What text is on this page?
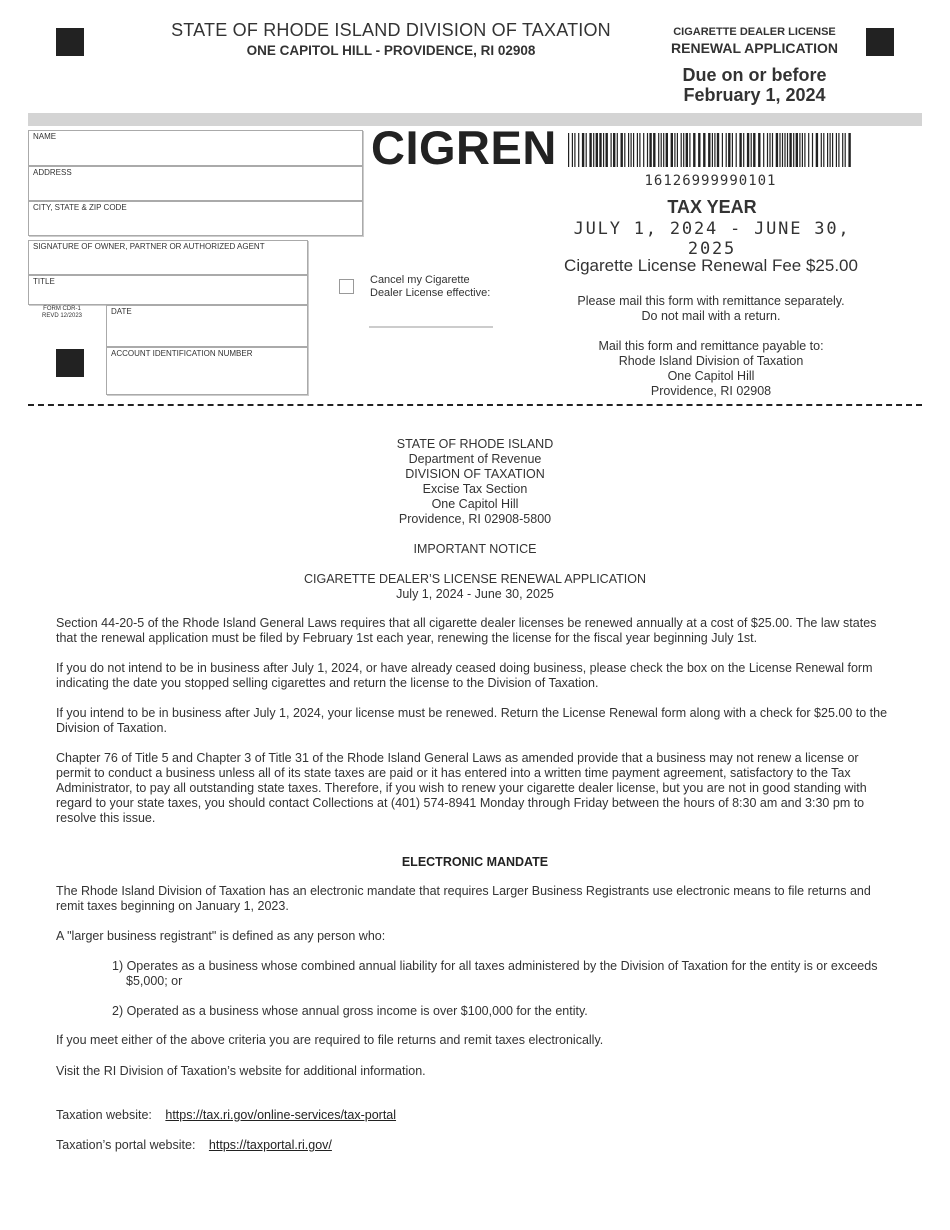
STATE OF RHODE ISLAND DIVISION OF TAXATION
ONE CAPITOL HILL - PROVIDENCE, RI 02908
CIGARETTE DEALER LICENSE
RENEWAL APPLICATION
Due on or before
February 1, 2024
NAME
ADDRESS
CITY, STATE & ZIP CODE
SIGNATURE OF OWNER, PARTNER OR AUTHORIZED AGENT
TITLE
DATE
ACCOUNT IDENTIFICATION NUMBER
FORM CDR-1
REVD 12/2023
Cancel my Cigarette
Dealer License effective:
CIGREN
16126999990101
TAX YEAR
JULY 1, 2024 - JUNE 30, 2025
Cigarette License Renewal Fee $25.00
Please mail this form with remittance separately.
Do not mail with a return.
Mail this form and remittance payable to:
Rhode Island Division of Taxation
One Capitol Hill
Providence, RI 02908
STATE OF RHODE ISLAND
Department of Revenue
DIVISION OF TAXATION
Excise Tax Section
One Capitol Hill
Providence, RI 02908-5800
IMPORTANT NOTICE
CIGARETTE DEALER’S LICENSE RENEWAL APPLICATION
July 1, 2024 - June 30, 2025
Section 44-20-5 of the Rhode Island General Laws requires that all cigarette dealer licenses be renewed annually at a cost of $25.00. The law states that the renewal application must be filed by February 1st each year, renewing the license for the fiscal year beginning July 1st.
If you do not intend to be in business after July 1, 2024, or have already ceased doing business, please check the box on the License Renewal form indicating the date you stopped selling cigarettes and return the license to the Division of Taxation.
If you intend to be in business after July 1, 2024, your license must be renewed. Return the License Renewal form along with a check for $25.00 to the Division of Taxation.
Chapter 76 of Title 5 and Chapter 3 of Title 31 of the Rhode Island General Laws as amended provide that a business may not renew a license or permit to conduct a business unless all of its state taxes are paid or it has entered into a written time payment agreement, satisfactory to the Tax Administrator, to pay all outstanding state taxes. Therefore, if you wish to renew your cigarette dealer license, but you are not in good standing with regard to your state taxes, you should contact Collections at (401) 574-8941 Monday through Friday between the hours of 8:30 am and 3:30 pm to resolve this issue.
ELECTRONIC MANDATE
The Rhode Island Division of Taxation has an electronic mandate that requires Larger Business Registrants use electronic means to file returns and remit taxes beginning on January 1, 2023.
A "larger business registrant" is defined as any person who:
1) Operates as a business whose combined annual liability for all taxes administered by the Division of Taxation for the entity is or exceeds $5,000; or
2) Operated as a business whose annual gross income is over $100,000 for the entity.
If you meet either of the above criteria you are required to file returns and remit taxes electronically.
Visit the RI Division of Taxation’s website for additional information.
Taxation website: https://tax.ri.gov/online-services/tax-portal
Taxation’s portal website: https://taxportal.ri.gov/
